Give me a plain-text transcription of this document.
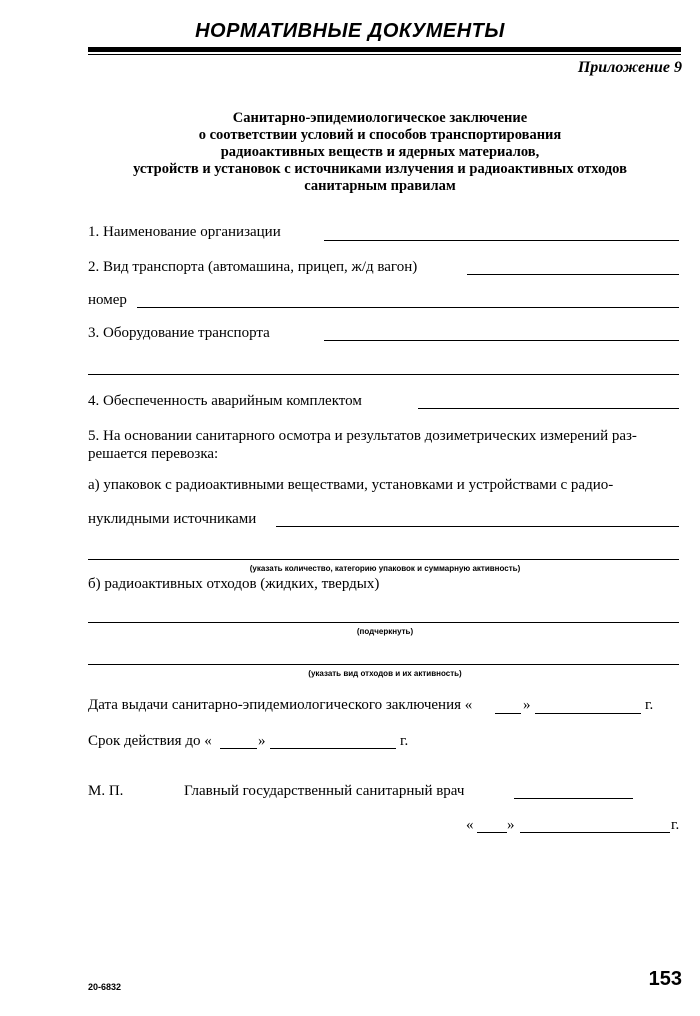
НОРМАТИВНЫЕ ДОКУМЕНТЫ
Приложение 9
Санитарно-эпидемиологическое заключение
о соответствии условий и способов транспортирования
радиоактивных веществ и ядерных материалов,
устройств и установок с источниками излучения и радиоактивных отходов
санитарным правилам
1. Наименование организации
2. Вид транспорта (автомашина, прицеп, ж/д вагон)
номер
3. Оборудование транспорта
4. Обеспеченность аварийным комплектом
5. На основании санитарного осмотра и результатов дозиметрических измерений раз-
решается перевозка:
а) упаковок с радиоактивными веществами, установками и устройствами с радио-
нуклидными источниками
(указать количество, категорию упаковок и суммарную активность)
б) радиоактивных отходов (жидких, твердых)
(подчеркнуть)
(указать вид отходов и их активность)
Дата выдачи санитарно-эпидемиологического заключения «	»	г.
Срок действия до «	»	г.
М. П.	Главный государственный санитарный врач
« »	г.
20-6832	153
